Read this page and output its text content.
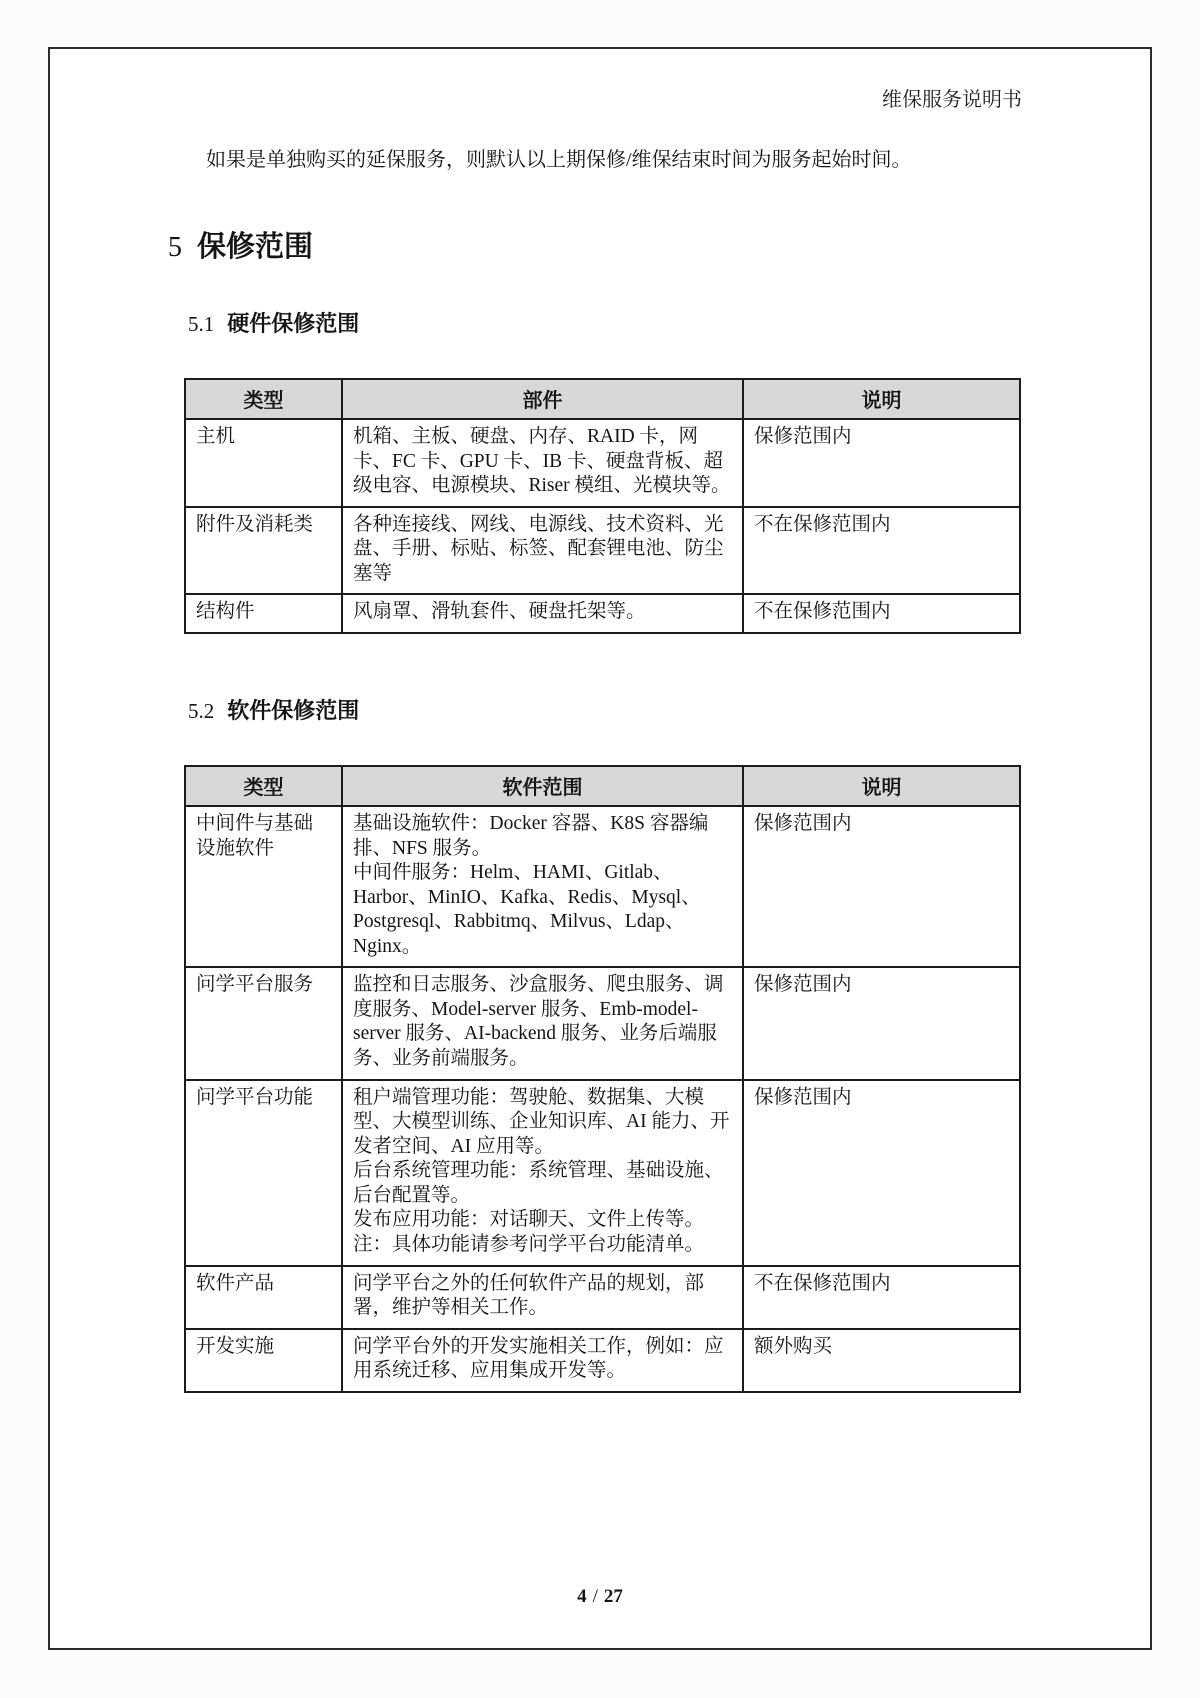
维保服务说明书
如果是单独购买的延保服务，则默认以上期保修/维保结束时间为服务起始时间。
5 保修范围
5.1 硬件保修范围
类型	部件	说明
主机	机箱、主板、硬盘、内存、RAID 卡，网卡、FC 卡、GPU 卡、IB 卡、硬盘背板、超级电容、电源模块、Riser 模组、光模块等。	保修范围内
附件及消耗类	各种连接线、网线、电源线、技术资料、光盘、手册、标贴、标签、配套锂电池、防尘塞等	不在保修范围内
结构件	风扇罩、滑轨套件、硬盘托架等。	不在保修范围内
5.2 软件保修范围
类型	软件范围	说明
中间件与基础设施软件	基础设施软件：Docker 容器、K8S 容器编排、NFS 服务。

中间件服务：Helm、HAMI、Gitlab、Harbor、MinIO、Kafka、Redis、Mysql、Postgresql、Rabbitmq、Milvus、Ldap、Nginx。	保修范围内
问学平台服务	监控和日志服务、沙盒服务、爬虫服务、调度服务、Model-server 服务、Emb-model-server 服务、AI-backend 服务、业务后端服务、业务前端服务。	保修范围内
问学平台功能	租户端管理功能：驾驶舱、数据集、大模型、大模型训练、企业知识库、AI 能力、开发者空间、AI 应用等。

后台系统管理功能：系统管理、基础设施、后台配置等。

发布应用功能：对话聊天、文件上传等。

注：具体功能请参考问学平台功能清单。	保修范围内
软件产品	问学平台之外的任何软件产品的规划，部署，维护等相关工作。	不在保修范围内
开发实施	问学平台外的开发实施相关工作，例如：应用系统迁移、应用集成开发等。	额外购买
4 / 27
